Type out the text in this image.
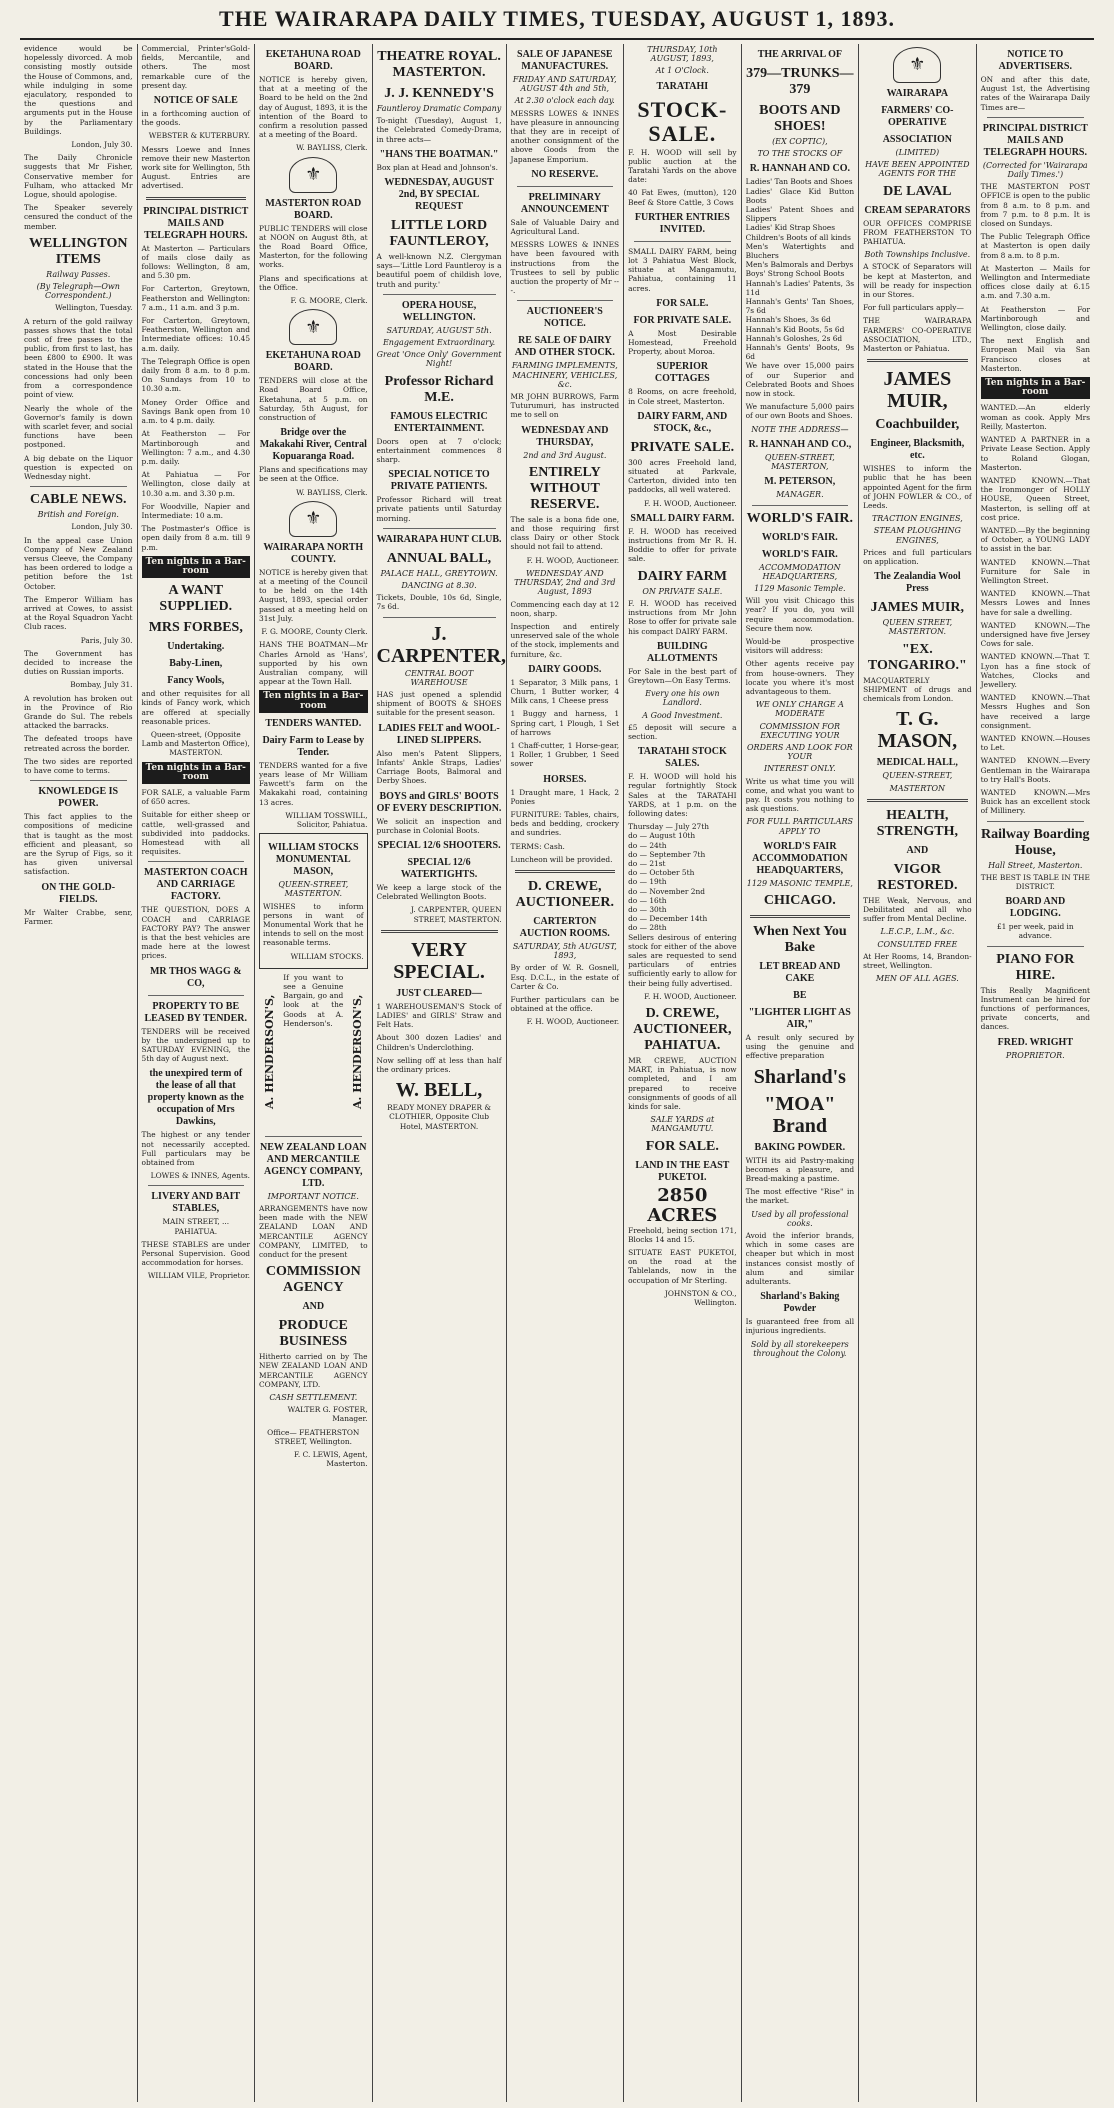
THE WAIRARAPA DAILY TIMES, TUESDAY, AUGUST 1, 1893.

evidence would be hopelessly divorced. A mob consisting mostly outside the House of Commons, and, while indulging in some ejaculatory, responded to the questions and arguments put in the House by the Parliamentary Buildings.

London, July 30.

The Daily Chronicle suggests that Mr Fisher, Conservative member for Fulham, who attacked Mr Logue, should apologise.

The Speaker severely censured the conduct of the member.

WELLINGTON ITEMS
Railway Passes.
(By Telegraph—Own Correspondent.)

Wellington, Tuesday.

A return of the gold railway passes shows that the total cost of free passes to the public, from first to last, has been £800 to £900. It was stated in the House that the concessions had only been from a correspondence point of view.

Nearly the whole of the Governor's family is down with scarlet fever, and social functions have been postponed.

A big debate on the Liquor question is expected on Wednesday night.

CABLE NEWS.
British and Foreign.

London, July 30.

In the appeal case Union Company of New Zealand versus Cleeve, the Company has been ordered to lodge a petition before the 1st October.

The Emperor William has arrived at Cowes, to assist at the Royal Squadron Yacht Club races.

Paris, July 30.

The Government has decided to increase the duties on Russian imports.

Bombay, July 31.

A revolution has broken out in the Province of Rio Grande do Sul. The rebels attacked the barracks.

The defeated troops have retreated across the border.

The two sides are reported to have come to terms.

KNOWLEDGE IS POWER.

This fact applies to the compositions of medicine that is taught as the most efficient and pleasant, so are the Syrup of Figs, so it has given universal satisfaction.

ON THE GOLD-FIELDS.

Mr Walter Crabbe, senr, Farmer.

Commercial, Printer'sGold-fields, Mercantile, and others. The most remarkable cure of the present day.

NOTICE OF SALE

in a forthcoming auction of the goods.

WEBSTER & KUTERBURY.

Messrs Loewe and Innes remove their new Masterton work site for Wellington, 5th August. Entries are advertised.

PRINCIPAL DISTRICT MAILS AND TELEGRAPH HOURS.

At Masterton — Particulars of mails close daily as follows: Wellington, 8 am, and 5.30 pm.

For Carterton, Greytown, Featherston and Wellington: 7 a.m., 11 a.m. and 3 p.m.

For Carterton, Greytown, Featherston, Wellington and Intermediate offices: 10.45 a.m. daily.

The Telegraph Office is open daily from 8 a.m. to 8 p.m. On Sundays from 10 to 10.30 a.m.

Money Order Office and Savings Bank open from 10 a.m. to 4 p.m. daily.

At Featherston — For Martinborough and Wellington: 7 a.m., and 4.30 p.m. daily.

At Pahiatua — For Wellington, close daily at 10.30 a.m. and 3.30 p.m.

For Woodville, Napier and Intermediate: 10 a.m.

The Postmaster's Office is open daily from 8 a.m. till 9 p.m.

Ten nights in a Bar-room
A WANT SUPPLIED.
MRS FORBES,
Undertaking.
Baby-Linen,
Fancy Wools,

and other requisites for all kinds of Fancy work, which are offered at specially reasonable prices.

Queen-street, (Opposite Lamb and Masterton Office), MASTERTON.

Ten nights in a Bar-room

FOR SALE, a valuable Farm of 650 acres.

Suitable for either sheep or cattle, well-grassed and subdivided into paddocks. Homestead with all requisites.

MASTERTON COACH AND CARRIAGE FACTORY.

THE QUESTION, DOES A COACH and CARRIAGE FACTORY PAY? The answer is that the best vehicles are made here at the lowest prices.

MR THOS WAGG & CO,
PROPERTY TO BE LEASED BY TENDER.

TENDERS will be received by the undersigned up to SATURDAY EVENING, the 5th day of August next.

the unexpired term of the lease of all that property known as the occupation of Mrs Dawkins,

The highest or any tender not necessarily accepted. Full particulars may be obtained from

LOWES & INNES, Agents.

LIVERY AND BAIT STABLES,

MAIN STREET, ... PAHIATUA.

THESE STABLES are under Personal Supervision. Good accommodation for horses.

WILLIAM VILE, Proprietor.

EKETAHUNA ROAD BOARD.

NOTICE is hereby given, that at a meeting of the Board to be held on the 2nd day of August, 1893, it is the intention of the Board to confirm a resolution passed at a meeting of the Board.

W. BAYLISS, Clerk.

⚜
MASTERTON ROAD BOARD.

PUBLIC TENDERS will close at NOON on August 8th, at the Road Board Office, Masterton, for the following works.

Plans and specifications at the Office.

F. G. MOORE, Clerk.

⚜
EKETAHUNA ROAD BOARD.

TENDERS will close at the Road Board Office, Eketahuna, at 5 p.m. on Saturday, 5th August, for construction of

Bridge over the Makakahi River, Central Kopuaranga Road.

Plans and specifications may be seen at the Office.

W. BAYLISS, Clerk.

⚜
WAIRARAPA NORTH COUNTY.

NOTICE is hereby given that at a meeting of the Council to be held on the 14th August, 1893, special order passed at a meeting held on 31st July.

F. G. MOORE, County Clerk.

HANS THE BOATMAN—Mr Charles Arnold as 'Hans', supported by his own Australian company, will appear at the Town Hall.

Ten nights in a Bar-room
TENDERS WANTED.
Dairy Farm to Lease by Tender.

TENDERS wanted for a five years lease of Mr William Fawcett's farm on the Makakahi road, containing 13 acres.

WILLIAM TOSSWILL, Solicitor, Pahiatua.

WILLIAM STOCKS MONUMENTAL MASON,
QUEEN-STREET, MASTERTON.

WISHES to inform persons in want of Monumental Work that he intends to sell on the most reasonable terms.

WILLIAM STOCKS.

A. HENDERSON'S,

If you want to see a Genuine Bargain, go and look at the Goods at A. Henderson's.	A. HENDERSON'S,
NEW ZEALAND LOAN AND MERCANTILE AGENCY COMPANY, LTD.
IMPORTANT NOTICE.

ARRANGEMENTS have now been made with the NEW ZEALAND LOAN AND MERCANTILE AGENCY COMPANY, LIMITED, to conduct for the present

COMMISSION AGENCY
AND
PRODUCE BUSINESS

Hitherto carried on by The NEW ZEALAND LOAN AND MERCANTILE AGENCY COMPANY, LTD.

CASH SETTLEMENT.

WALTER G. FOSTER, Manager.

Office— FEATHERSTON STREET, Wellington.

F. C. LEWIS, Agent, Masterton.

THEATRE ROYAL. MASTERTON.
J. J. KENNEDY'S
Fauntleroy Dramatic Company

To-night (Tuesday), August 1, the Celebrated Comedy-Drama, in three acts—

"HANS THE BOATMAN."

Box plan at Head and Johnson's.

WEDNESDAY, AUGUST 2nd, BY SPECIAL REQUEST
LITTLE LORD FAUNTLEROY,

A well-known N.Z. Clergyman says—'Little Lord Fauntleroy is a beautiful poem of childish love, truth and purity.'

OPERA HOUSE, WELLINGTON.
SATURDAY, AUGUST 5th.
Engagement Extraordinary.
Great 'Once Only' Government Night!
Professor Richard M.E.
FAMOUS ELECTRIC ENTERTAINMENT.

Doors open at 7 o'clock; entertainment commences 8 sharp.

SPECIAL NOTICE TO PRIVATE PATIENTS.

Professor Richard will treat private patients until Saturday morning.

WAIRARAPA HUNT CLUB.
ANNUAL BALL,
PALACE HALL, GREYTOWN.
DANCING at 8.30.

Tickets, Double, 10s 6d, Single, 7s 6d.

J. CARPENTER,
CENTRAL BOOT WAREHOUSE

HAS just opened a splendid shipment of BOOTS & SHOES suitable for the present season.

LADIES FELT and WOOL-LINED SLIPPERS.

Also men's Patent Slippers, Infants' Ankle Straps, Ladies' Carriage Boots, Balmoral and Derby Shoes.

BOYS and GIRLS' BOOTS OF EVERY DESCRIPTION.

We solicit an inspection and purchase in Colonial Boots.

SPECIAL 12/6 SHOOTERS.
SPECIAL 12/6 WATERTIGHTS.

We keep a large stock of the Celebrated Wellington Boots.

J. CARPENTER, QUEEN STREET, MASTERTON.

VERY SPECIAL.
JUST CLEARED—

1 WAREHOUSEMAN'S Stock of LADIES' and GIRLS' Straw and Felt Hats.

About 300 dozen Ladies' and Children's Underclothing.

Now selling off at less than half the ordinary prices.

W. BELL,

READY MONEY DRAPER & CLOTHIER, Opposite Club Hotel, MASTERTON.

SALE OF JAPANESE MANUFACTURES.
FRIDAY AND SATURDAY, AUGUST 4th and 5th,
At 2.30 o'clock each day.

MESSRS LOWES & INNES have pleasure in announcing that they are in receipt of another consignment of the above Goods from the Japanese Emporium.

NO RESERVE.
PRELIMINARY ANNOUNCEMENT

Sale of Valuable Dairy and Agricultural Land.

MESSRS LOWES & INNES have been favoured with instructions from the Trustees to sell by public auction the property of Mr ---.

AUCTIONEER'S NOTICE.
RE SALE OF DAIRY AND OTHER STOCK.
FARMING IMPLEMENTS, MACHINERY, VEHICLES, &c.

MR JOHN BURROWS, Farm Tuturumuri, has instructed me to sell on

WEDNESDAY AND THURSDAY,
2nd and 3rd August.
ENTIRELY WITHOUT RESERVE.

The sale is a bona fide one, and those requiring first class Dairy or other Stock should not fail to attend.

F. H. WOOD, Auctioneer.

WEDNESDAY AND THURSDAY, 2nd and 3rd August, 1893

Commencing each day at 12 noon, sharp.

Inspection and entirely unreserved sale of the whole of the stock, implements and furniture, &c.

DAIRY GOODS.

1 Separator, 3 Milk pans, 1 Churn, 1 Butter worker, 4 Milk cans, 1 Cheese press

1 Buggy and harness, 1 Spring cart, 1 Plough, 1 Set of harrows

1 Chaff-cutter, 1 Horse-gear, 1 Roller, 1 Grubber, 1 Seed sower

HORSES.

1 Draught mare, 1 Hack, 2 Ponies

FURNITURE: Tables, chairs, beds and bedding, crockery and sundries.

TERMS: Cash.

Luncheon will be provided.

D. CREWE, AUCTIONEER.
CARTERTON AUCTION ROOMS.
SATURDAY, 5th AUGUST, 1893,

By order of W. R. Gosnell, Esq. D.C.L., in the estate of Carter & Co.

Further particulars can be obtained at the office.

F. H. WOOD, Auctioneer.

THURSDAY, 10th AUGUST, 1893,
At 1 O'Clock.
TARATAHI
STOCK-SALE.

F. H. WOOD will sell by public auction at the Taratahi Yards on the above date:

40 Fat Ewes, (mutton), 120 Beef & Store Cattle, 3 Cows

FURTHER ENTRIES INVITED.

SMALL DAIRY FARM, being lot 3 Pahiatua West Block, situate at Mangamutu, Pahiatua, containing 11 acres.

FOR SALE.
FOR PRIVATE SALE.

A Most Desirable Homestead, Freehold Property, about Moroa.

SUPERIOR COTTAGES

8 Rooms, on acre freehold, in Cole street, Masterton.

DAIRY FARM, AND STOCK, &c.,
PRIVATE SALE.

300 acres Freehold land, situated at Parkvale, Carterton, divided into ten paddocks, all well watered.

F. H. WOOD, Auctioneer.

SMALL DAIRY FARM.

F. H. WOOD has received instructions from Mr R. H. Boddie to offer for private sale.

DAIRY FARM
ON PRIVATE SALE.

F. H. WOOD has received instructions from Mr John Rose to offer for private sale his compact DAIRY FARM.

BUILDING ALLOTMENTS

For Sale in the best part of Greytown—On Easy Terms.

Every one his own Landlord.
A Good Investment.

£5 deposit will secure a section.

TARATAHI STOCK SALES.

F. H. WOOD will hold his regular fortnightly Stock Sales at the TARATAHI YARDS, at 1 p.m. on the following dates:

Thursday — July 27th
do — August 10th
do — 24th
do — September 7th
do — 21st
do — October 5th
do — 19th
do — November 2nd
do — 16th
do — 30th
do — December 14th
do — 28th

Sellers desirous of entering stock for either of the above sales are requested to send particulars of entries sufficiently early to allow for their being fully advertised.

F. H. WOOD, Auctioneer.

D. CREWE, AUCTIONEER, PAHIATUA.

MR CREWE, AUCTION MART, in Pahiatua, is now completed, and I am prepared to receive consignments of goods of all kinds for sale.

SALE YARDS at MANGAMUTU.
FOR SALE.
LAND IN THE EAST PUKETOI.
2850 ACRES

Freehold, being section 171, Blocks 14 and 15.

SITUATE EAST PUKETOI, on the road at the Tablelands, now in the occupation of Mr Sterling.

JOHNSTON & CO., Wellington.

THE ARRIVAL OF
379—TRUNKS—379
BOOTS AND SHOES!
(EX COPTIC),
TO THE STOCKS OF
R. HANNAH AND CO.
Ladies' Tan Boots and Shoes
Ladies' Glace Kid Button Boots
Ladies' Patent Shoes and Slippers
Ladies' Kid Strap Shoes
Children's Boots of all kinds
Men's Watertights and Bluchers
Men's Balmorals and Derbys
Boys' Strong School Boots
Hannah's Ladies' Patents, 3s 11d
Hannah's Gents' Tan Shoes, 7s 6d
Hannah's Shoes, 3s 6d
Hannah's Kid Boots, 5s 6d
Hannah's Goloshes, 2s 6d
Hannah's Gents' Boots, 9s 6d

We have over 15,000 pairs of our Superior and Celebrated Boots and Shoes now in stock.

We manufacture 5,000 pairs of our own Boots and Shoes.

NOTE THE ADDRESS—
R. HANNAH AND CO.,
QUEEN-STREET, MASTERTON,
M. PETERSON,
MANAGER.
WORLD'S FAIR.
WORLD'S FAIR.
WORLD'S FAIR.
ACCOMMODATION HEADQUARTERS,
1129 Masonic Temple.

Will you visit Chicago this year? If you do, you will require accommodation. Secure them now.

Would-be prospective visitors will address:

Other agents receive pay from house-owners. They locate you where it's most advantageous to them.

WE ONLY CHARGE A MODERATE
COMMISSION FOR EXECUTING YOUR
ORDERS AND LOOK FOR YOUR
INTEREST ONLY.

Write us what time you will come, and what you want to pay. It costs you nothing to ask questions.

FOR FULL PARTICULARS APPLY TO
WORLD'S FAIR ACCOMMODATION HEADQUARTERS,
1129 MASONIC TEMPLE,
CHICAGO.
When Next You Bake
LET BREAD AND CAKE
BE
"LIGHTER LIGHT AS AIR,"

A result only secured by using the genuine and effective preparation

Sharland's
"MOA" Brand
BAKING POWDER.

WITH its aid Pastry-making becomes a pleasure, and Bread-making a pastime.

The most effective "Rise" in the market.

Used by all professional cooks.

Avoid the inferior brands, which in some cases are cheaper but which in most instances consist mostly of alum and similar adulterants.

Sharland's Baking Powder

Is guaranteed free from all injurious ingredients.

Sold by all storekeepers throughout the Colony.
⚜
WAIRARAPA
FARMERS' CO-OPERATIVE
ASSOCIATION
(LIMITED)
HAVE BEEN APPOINTED AGENTS FOR THE
DE LAVAL
CREAM SEPARATORS

OUR OFFICES COMPRISE FROM FEATHERSTON TO PAHIATUA.

Both Townships Inclusive.

A STOCK of Separators will be kept at Masterton, and will be ready for inspection in our Stores.

For full particulars apply—

THE WAIRARAPA FARMERS' CO-OPERATIVE ASSOCIATION, LTD., Masterton or Pahiatua.

JAMES MUIR,
Coachbuilder,
Engineer, Blacksmith, etc.

WISHES to inform the public that he has been appointed Agent for the firm of JOHN FOWLER & CO., of Leeds.

TRACTION ENGINES,
STEAM PLOUGHING ENGINES,

Prices and full particulars on application.

The Zealandia Wool Press
JAMES MUIR,
QUEEN STREET, MASTERTON.
"EX. TONGARIRO."

MACQUARTERLY SHIPMENT of drugs and chemicals from London.

T. G. MASON,
MEDICAL HALL,
QUEEN-STREET,
MASTERTON
HEALTH, STRENGTH,
AND
VIGOR RESTORED.

THE Weak, Nervous, and Debilitated and all who suffer from Mental Decline.

L.E.C.P., L.M., &c.
CONSULTED FREE

At Her Rooms, 14, Brandon-street, Wellington.

MEN OF ALL AGES.
NOTICE TO ADVERTISERS.

ON and after this date, August 1st, the Advertising rates of the Wairarapa Daily Times are—

PRINCIPAL DISTRICT MAILS AND TELEGRAPH HOURS.
(Corrected for 'Wairarapa Daily Times.')

THE MASTERTON POST OFFICE is open to the public from 8 a.m. to 8 p.m. and from 7 p.m. to 8 p.m. It is closed on Sundays.

The Public Telegraph Office at Masterton is open daily from 8 a.m. to 8 p.m.

At Masterton — Mails for Wellington and Intermediate offices close daily at 6.15 a.m. and 7.30 a.m.

At Featherston — For Martinborough and Wellington, close daily.

The next English and European Mail via San Francisco closes at Masterton.

Ten nights in a Bar-room

WANTED.—An elderly woman as cook. Apply Mrs Reilly, Masterton.

WANTED A PARTNER in a Private Lease Section. Apply to Roland Glogan, Masterton.

WANTED KNOWN.—That the Ironmonger of HOLLY HOUSE, Queen Street, Masterton, is selling off at cost price.

WANTED.—By the beginning of October, a YOUNG LADY to assist in the bar.

WANTED KNOWN.—That Furniture for Sale in Wellington Street.

WANTED KNOWN.—That Messrs Lowes and Innes have for sale a dwelling.

WANTED KNOWN.—The undersigned have five Jersey Cows for sale.

WANTED KNOWN.—That T. Lyon has a fine stock of Watches, Clocks and Jewellery.

WANTED KNOWN.—That Messrs Hughes and Son have received a large consignment.

WANTED KNOWN.—Houses to Let.

WANTED KNOWN.—Every Gentleman in the Wairarapa to try Hall's Boots.

WANTED KNOWN.—Mrs Buick has an excellent stock of Millinery.

Railway Boarding House,
Hall Street, Masterton.

THE BEST IS TABLE IN THE DISTRICT.

BOARD AND LODGING.

£1 per week, paid in advance.

PIANO FOR HIRE.

This Really Magnificent Instrument can be hired for functions of performances, private concerts, and dances.

FRED. WRIGHT
PROPRIETOR.
